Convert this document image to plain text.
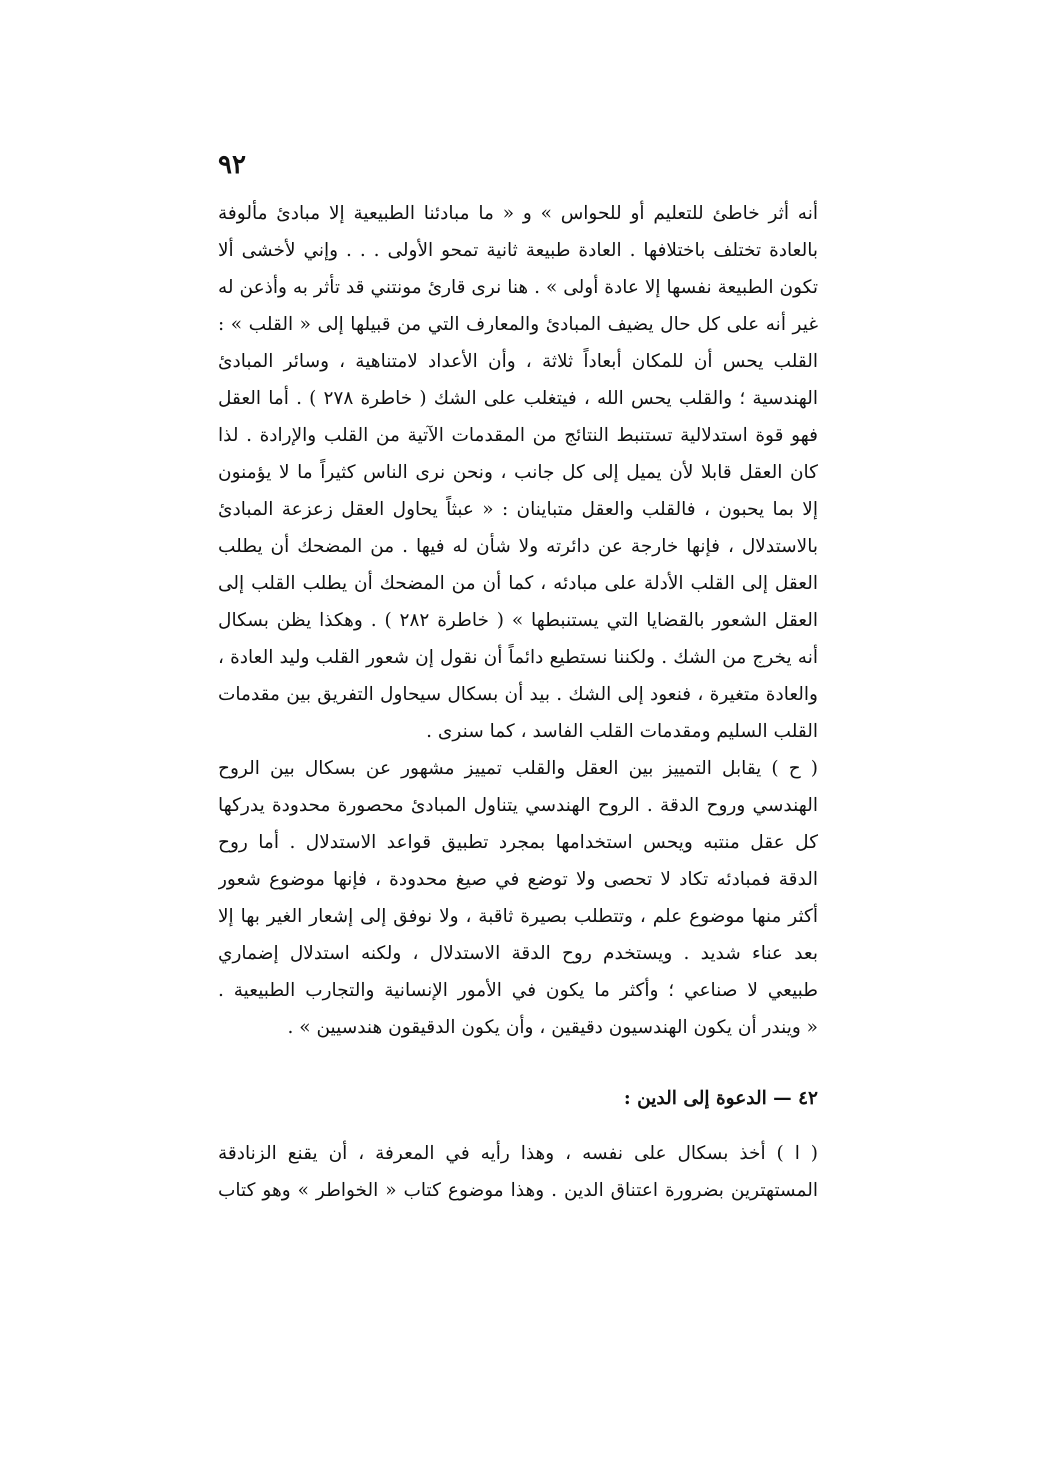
٩٢
أنه أثر خاطئ للتعليم أو للحواس » و « ما مبادئنا الطبيعية إلا مبادئ مألوفة
بالعادة تختلف باختلافها . العادة طبيعة ثانية تمحو الأولى . . . وإني لأخشى ألا
تكون الطبيعة نفسها إلا عادة أولى » . هنا نرى قارئ مونتني قد تأثر به وأذعن له
غير أنه على كل حال يضيف المبادئ والمعارف التي من قبيلها إلى « القلب » :
القلب يحس أن للمكان أبعاداً ثلاثة ، وأن الأعداد لامتناهية ، وسائر المبادئ
الهندسية ؛ والقلب يحس الله ، فيتغلب على الشك ( خاطرة ٢٧٨ ) . أما العقل
فهو قوة استدلالية تستنبط النتائج من المقدمات الآتية من القلب والإرادة . لذا
كان العقل قابلا لأن يميل إلى كل جانب ، ونحن نرى الناس كثيراً ما لا يؤمنون
إلا بما يحبون ، فالقلب والعقل متباينان : « عبثاً يحاول العقل زعزعة المبادئ
بالاستدلال ، فإنها خارجة عن دائرته ولا شأن له فيها . من المضحك أن يطلب
العقل إلى القلب الأدلة على مبادئه ، كما أن من المضحك أن يطلب القلب إلى
العقل الشعور بالقضايا التي يستنبطها » ( خاطرة ٢٨٢ ) . وهكذا يظن بسكال
أنه يخرج من الشك . ولكننا نستطيع دائماً أن نقول إن شعور القلب وليد العادة ،
والعادة متغيرة ، فنعود إلى الشك . بيد أن بسكال سيحاول التفريق بين مقدمات
القلب السليم ومقدمات القلب الفاسد ، كما سنرى .
( ح ) يقابل التمييز بين العقل والقلب تمييز مشهور عن بسكال بين الروح
الهندسي وروح الدقة . الروح الهندسي يتناول المبادئ محصورة محدودة يدركها
كل عقل منتبه ويحس استخدامها بمجرد تطبيق قواعد الاستدلال . أما روح
الدقة فمبادئه تكاد لا تحصى ولا توضع في صيغ محدودة ، فإنها موضوع شعور
أكثر منها موضوع علم ، وتتطلب بصيرة ثاقبة ، ولا نوفق إلى إشعار الغير بها إلا
بعد عناء شديد . ويستخدم روح الدقة الاستدلال ، ولكنه استدلال إضماري
طبيعي لا صناعي ؛ وأكثر ما يكون في الأمور الإنسانية والتجارب الطبيعية .
« ويندر أن يكون الهندسيون دقيقين ، وأن يكون الدقيقون هندسيين » .
٤٢ — الدعوة إلى الدين :
( ا ) أخذ بسكال على نفسه ، وهذا رأيه في المعرفة ، أن يقنع الزنادقة
المستهترين بضرورة اعتناق الدين . وهذا موضوع كتاب « الخواطر » وهو كتاب
